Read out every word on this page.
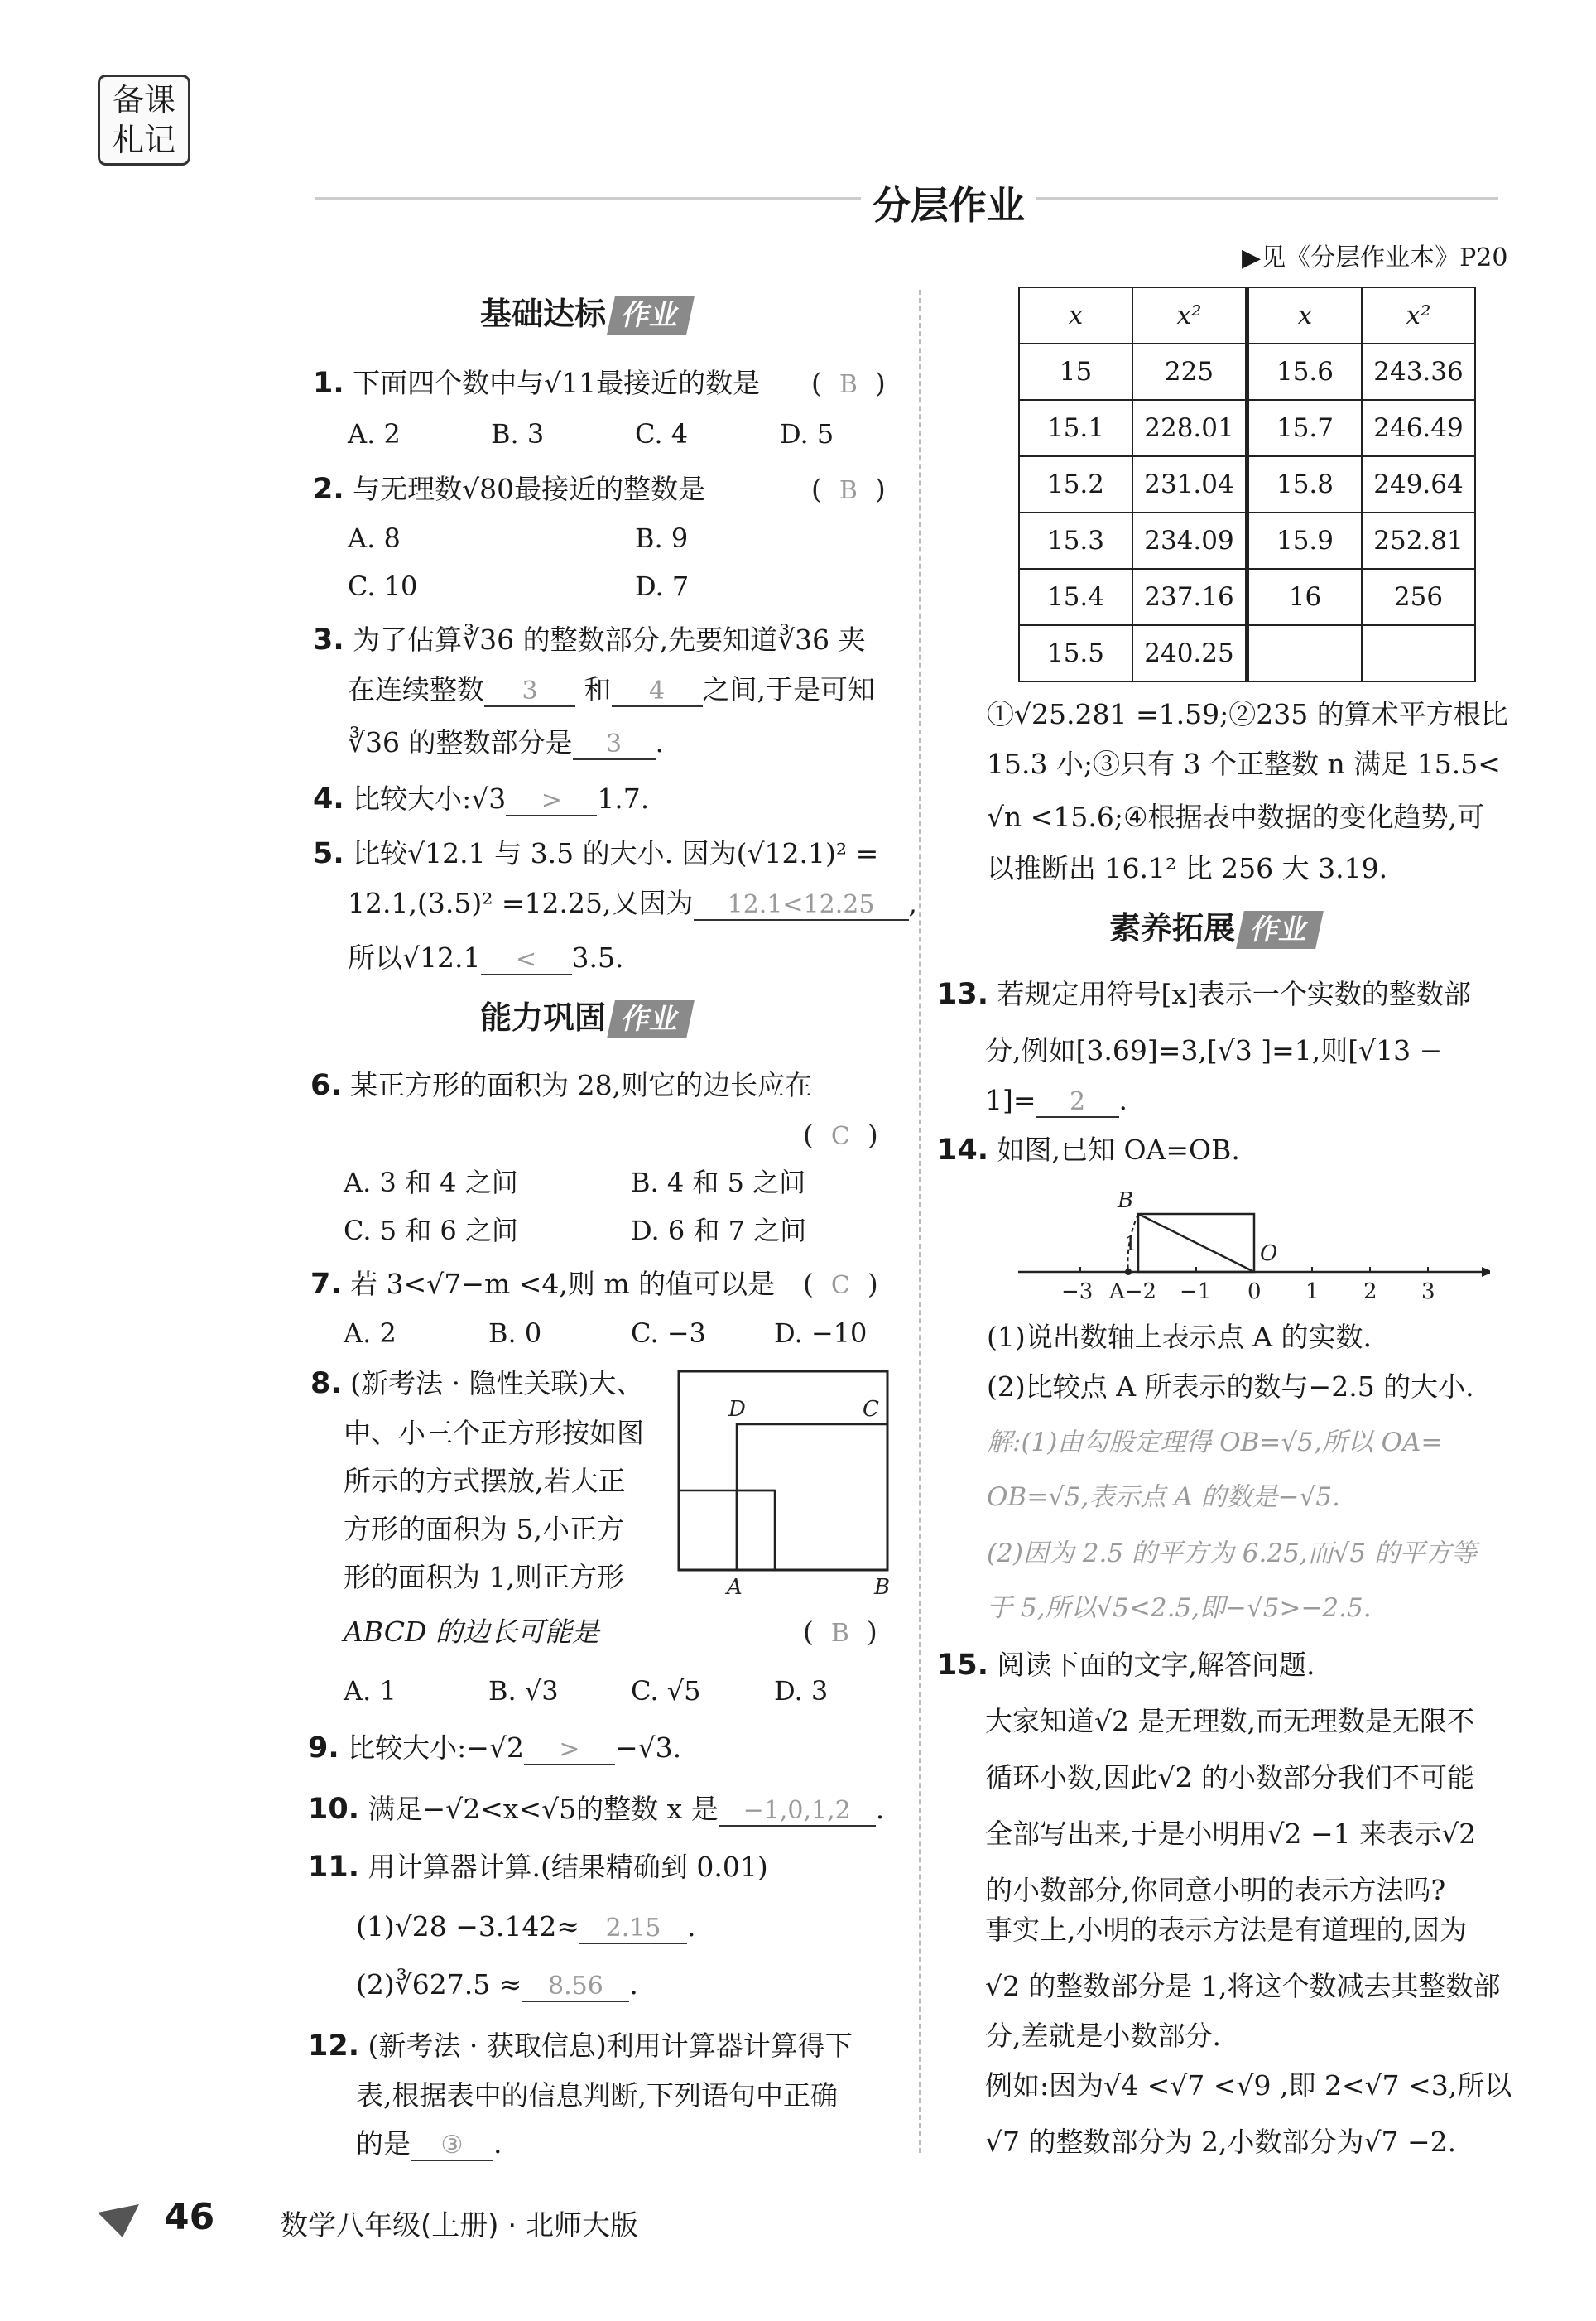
备课
札记
分层作业
▶见《分层作业本》P20
基础达标 作业
1. 下面四个数中与√11最接近的数是 ( B )
A. 2	B. 3	C. 4	D. 5
2. 与无理数√80最接近的整数是	( B )
A. 8	B. 9
C. 10	D. 7
3. 为了估算∛36 的整数部分,先要知道∛36 夹
在连续整数 3 和 4 之间,于是可知
∛36 的整数部分是 3 .
4. 比较大小:√3 > 1.7.
5. 比较√12.1 与 3.5 的大小. 因为(√12.1)² =
12.1,(3.5)² =12.25,又因为 12.1<12.25 ,
所以√12.1 < 3.5.
能力巩固 作业
6. 某正方形的面积为 28,则它的边长应在
( C )
A. 3 和 4 之间	B. 4 和 5 之间
C. 5 和 6 之间	D. 6 和 7 之间
7. 若 3<√7−m <4,则 m 的值可以是 ( C )
A. 2	B. 0	C. −3	D. −10
8. (新考法 · 隐性关联)大、
中、小三个正方形按如图
所示的方式摆放,若大正
方形的面积为 5,小正方
形的面积为 1,则正方形
ABCD 的边长可能是	( B )
A. 1	B. √3	C. √5	D. 3
D	C
A	B
9. 比较大小:−√2 > −√3.
10. 满足−√2<x<√5的整数 x 是 −1,0,1,2 .
11. 用计算器计算.(结果精确到 0.01)
(1)√28 −3.142≈ 2.15 .
(2)∛627.5 ≈ 8.56 .
12. (新考法 · 获取信息)利用计算器计算得下
表,根据表中的信息判断,下列语句中正确
的是 ③ .
x	x²	x	x²
15	225	15.6	243.36
15.1	228.01	15.7	246.49
15.2	231.04	15.8	249.64
15.3	234.09	15.9	252.81
15.4	237.16	16	256
15.5	240.25		
①√25.281 =1.59;②235 的算术平方根比
15.3 小;③只有 3 个正整数 n 满足 15.5<
√n <15.6;④根据表中数据的变化趋势,可
以推断出 16.1² 比 256 大 3.19.
素养拓展 作业
13. 若规定用符号[x]表示一个实数的整数部
分,例如[3.69]=3,[√3 ]=1,则[√13 −
1]= 2 .
14. 如图,已知 OA=OB.
B
1	O
−3 A−2 −1 0 1 2 3
(1)说出数轴上表示点 A 的实数.
(2)比较点 A 所表示的数与−2.5 的大小.
解:(1)由勾股定理得 OB=√5,所以 OA=
OB=√5,表示点 A 的数是−√5.
(2)因为 2.5 的平方为 6.25,而√5 的平方等
于 5,所以√5<2.5,即−√5>−2.5.
15. 阅读下面的文字,解答问题.
大家知道√2 是无理数,而无理数是无限不
循环小数,因此√2 的小数部分我们不可能
全部写出来,于是小明用√2 −1 来表示√2
的小数部分,你同意小明的表示方法吗?
事实上,小明的表示方法是有道理的,因为
√2 的整数部分是 1,将这个数减去其整数部
分,差就是小数部分.
例如:因为√4 <√7 <√9 ,即 2<√7 <3,所以
√7 的整数部分为 2,小数部分为√7 −2.
46 数学八年级(上册) · 北师大版
